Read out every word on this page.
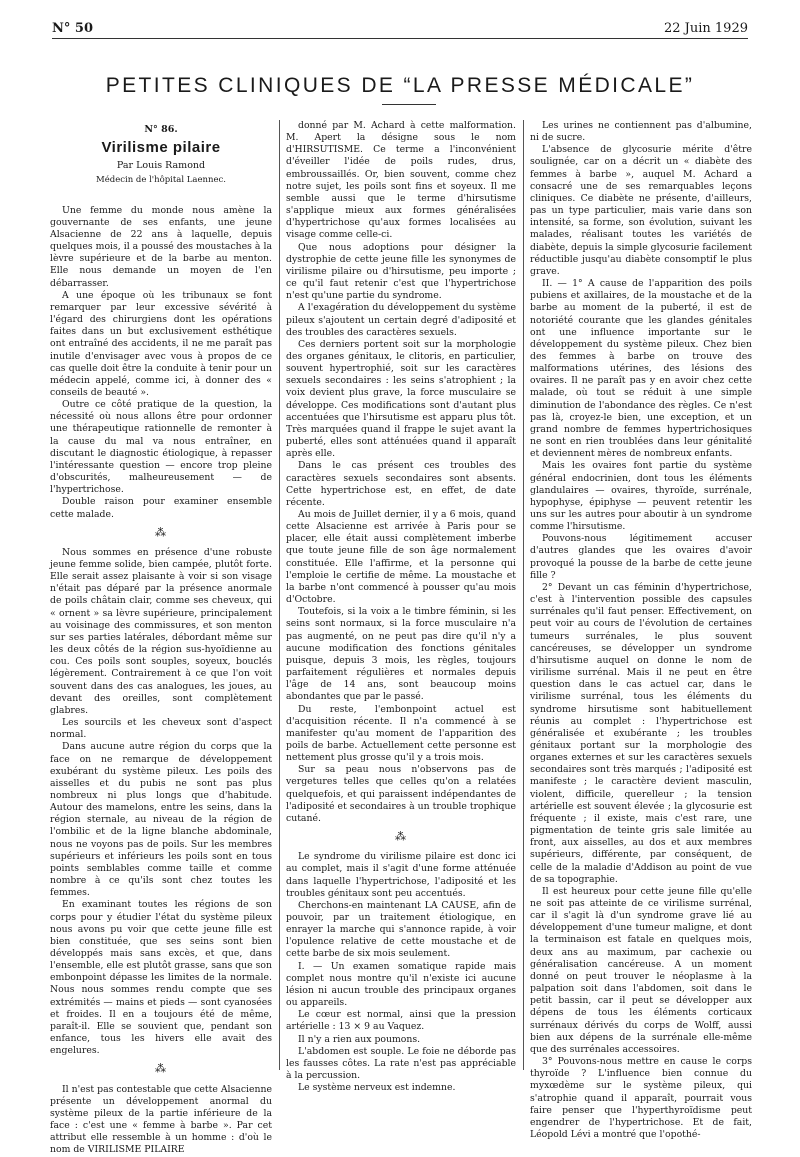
N° 50	22 Juin 1929
PETITES CLINIQUES DE “LA PRESSE MÉDICALE”
N° 86.
Virilisme pilaire
Par Louis Ramond
Médecin de l'hôpital Laennec.

Une femme du monde nous amène la gouvernante de ses enfants, une jeune Alsacienne de 22 ans à laquelle, depuis quelques mois, il a poussé des moustaches à la lèvre supérieure et de la barbe au menton. Elle nous demande un moyen de l'en débarrasser.

A une époque où les tribunaux se font remarquer par leur excessive sévérité à l'égard des chirurgiens dont les opérations faites dans un but exclusivement esthétique ont entraîné des accidents, il ne me paraît pas inutile d'envisager avec vous à propos de ce cas quelle doit être la conduite à tenir pour un médecin appelé, comme ici, à donner des « conseils de beauté ».

Outre ce côté pratique de la question, la nécessité où nous allons être pour ordonner une thérapeutique rationnelle de remonter à la cause du mal va nous entraîner, en discutant le diagnostic étiologique, à repasser l'intéressante question — encore trop pleine d'obscurités, malheureusement — de l'hypertrichose.

Double raison pour examiner ensemble cette malade.

⁂

Nous sommes en présence d'une robuste jeune femme solide, bien campée, plutôt forte. Elle serait assez plaisante à voir si son visage n'était pas déparé par la présence anormale de poils châtain clair, comme ses cheveux, qui « ornent » sa lèvre supérieure, principalement au voisinage des commissures, et son menton sur ses parties latérales, débordant même sur les deux côtés de la région sus-hyoïdienne au cou. Ces poils sont souples, soyeux, bouclés légèrement. Contrairement à ce que l'on voit souvent dans des cas analogues, les joues, au devant des oreilles, sont complètement glabres.

Les sourcils et les cheveux sont d'aspect normal.

Dans aucune autre région du corps que la face on ne remarque de développement exubérant du système pileux. Les poils des aisselles et du pubis ne sont pas plus nombreux ni plus longs que d'habitude. Autour des mamelons, entre les seins, dans la région sternale, au niveau de la région de l'ombilic et de la ligne blanche abdominale, nous ne voyons pas de poils. Sur les membres supérieurs et inférieurs les poils sont en tous points semblables comme taille et comme nombre à ce qu'ils sont chez toutes les femmes.

En examinant toutes les régions de son corps pour y étudier l'état du système pileux nous avons pu voir que cette jeune fille est bien constituée, que ses seins sont bien développés mais sans excès, et que, dans l'ensemble, elle est plutôt grasse, sans que son embonpoint dépasse les limites de la normale. Nous nous sommes rendu compte que ses extrémités — mains et pieds — sont cyanosées et froides. Il en a toujours été de même, paraît-il. Elle se souvient que, pendant son enfance, tous les hivers elle avait des engelures.

⁂

Il n'est pas contestable que cette Alsacienne présente un développement anormal du système pileux de la partie inférieure de la face : c'est une « femme à barbe ». Par cet attribut elle ressemble à un homme : d'où le nom de VIRILISME PILAIRE

donné par M. Achard à cette malformation. M. Apert la désigne sous le nom d'HIRSUTISME. Ce terme a l'inconvénient d'éveiller l'idée de poils rudes, drus, embroussaillés. Or, bien souvent, comme chez notre sujet, les poils sont fins et soyeux. Il me semble aussi que le terme d'hirsutisme s'applique mieux aux formes généralisées d'hypertrichose qu'aux formes localisées au visage comme celle-ci.

Que nous adoptions pour désigner la dystrophie de cette jeune fille les synonymes de virilisme pilaire ou d'hirsutisme, peu importe ; ce qu'il faut retenir c'est que l'hypertrichose n'est qu'une partie du syndrome.

A l'exagération du développement du système pileux s'ajoutent un certain degré d'adiposité et des troubles des caractères sexuels.

Ces derniers portent soit sur la morphologie des organes génitaux, le clitoris, en particulier, souvent hypertrophié, soit sur les caractères sexuels secondaires : les seins s'atrophient ; la voix devient plus grave, la force musculaire se développe. Ces modifications sont d'autant plus accentuées que l'hirsutisme est apparu plus tôt. Très marquées quand il frappe le sujet avant la puberté, elles sont atténuées quand il apparaît après elle.

Dans le cas présent ces troubles des caractères sexuels secondaires sont absents. Cette hypertrichose est, en effet, de date récente.

Au mois de Juillet dernier, il y a 6 mois, quand cette Alsacienne est arrivée à Paris pour se placer, elle était aussi complètement imberbe que toute jeune fille de son âge normalement constituée. Elle l'affirme, et la personne qui l'emploie le certifie de même. La moustache et la barbe n'ont commencé à pousser qu'au mois d'Octobre.

Toutefois, si la voix a le timbre féminin, si les seins sont normaux, si la force musculaire n'a pas augmenté, on ne peut pas dire qu'il n'y a aucune modification des fonctions génitales puisque, depuis 3 mois, les règles, toujours parfaitement régulières et normales depuis l'âge de 14 ans, sont beaucoup moins abondantes que par le passé.

Du reste, l'embonpoint actuel est d'acquisition récente. Il n'a commencé à se manifester qu'au moment de l'apparition des poils de barbe. Actuellement cette personne est nettement plus grosse qu'il y a trois mois.

Sur sa peau nous n'observons pas de vergetures telles que celles qu'on a relatées quelquefois, et qui paraissent indépendantes de l'adiposité et secondaires à un trouble trophique cutané.

⁂

Le syndrome du virilisme pilaire est donc ici au complet, mais il s'agit d'une forme atténuée dans laquelle l'hypertrichose, l'adiposité et les troubles génitaux sont peu accentués.

Cherchons-en maintenant LA CAUSE, afin de pouvoir, par un traitement étiologique, en enrayer la marche qui s'annonce rapide, à voir l'opulence relative de cette moustache et de cette barbe de six mois seulement.

I. — Un examen somatique rapide mais complet nous montre qu'il n'existe ici aucune lésion ni aucun trouble des principaux organes ou appareils.

Le cœur est normal, ainsi que la pression artérielle : 13 × 9 au Vaquez.

Il n'y a rien aux poumons.

L'abdomen est souple. Le foie ne déborde pas les fausses côtes. La rate n'est pas appréciable à la percussion.

Le système nerveux est indemne.

Les urines ne contiennent pas d'albumine, ni de sucre.

L'absence de glycosurie mérite d'être soulignée, car on a décrit un « diabète des femmes à barbe », auquel M. Achard a consacré une de ses remarquables leçons cliniques. Ce diabète ne présente, d'ailleurs, pas un type particulier, mais varie dans son intensité, sa forme, son évolution, suivant les malades, réalisant toutes les variétés de diabète, depuis la simple glycosurie facilement réductible jusqu'au diabète consomptif le plus grave.

II. — 1° A cause de l'apparition des poils pubiens et axillaires, de la moustache et de la barbe au moment de la puberté, il est de notoriété courante que les glandes génitales ont une influence importante sur le développement du système pileux. Chez bien des femmes à barbe on trouve des malformations utérines, des lésions des ovaires. Il ne paraît pas y en avoir chez cette malade, où tout se réduit à une simple diminution de l'abondance des règles. Ce n'est pas là, croyez-le bien, une exception, et un grand nombre de femmes hypertrichosiques ne sont en rien troublées dans leur génitalité et deviennent mères de nombreux enfants.

Mais les ovaires font partie du système général endocrinien, dont tous les éléments glandulaires — ovaires, thyroïde, surrénale, hypophyse, épiphyse — peuvent retentir les uns sur les autres pour aboutir à un syndrome comme l'hirsutisme.

Pouvons-nous légitimement accuser d'autres glandes que les ovaires d'avoir provoqué la pousse de la barbe de cette jeune fille ?

2° Devant un cas féminin d'hypertrichose, c'est à l'intervention possible des capsules surrénales qu'il faut penser. Effectivement, on peut voir au cours de l'évolution de certaines tumeurs surrénales, le plus souvent cancéreuses, se développer un syndrome d'hirsutisme auquel on donne le nom de virilisme surrénal. Mais il ne peut en être question dans le cas actuel car, dans le virilisme surrénal, tous les éléments du syndrome hirsutisme sont habituellement réunis au complet : l'hypertrichose est généralisée et exubérante ; les troubles génitaux portant sur la morphologie des organes externes et sur les caractères sexuels secondaires sont très marqués ; l'adiposité est manifeste ; le caractère devient masculin, violent, difficile, querelleur ; la tension artérielle est souvent élevée ; la glycosurie est fréquente ; il existe, mais c'est rare, une pigmentation de teinte gris sale limitée au front, aux aisselles, au dos et aux membres supérieurs, différente, par conséquent, de celle de la maladie d'Addison au point de vue de sa topographie.

Il est heureux pour cette jeune fille qu'elle ne soit pas atteinte de ce virilisme surrénal, car il s'agit là d'un syndrome grave lié au développement d'une tumeur maligne, et dont la terminaison est fatale en quelques mois, deux ans au maximum, par cachexie ou généralisation cancéreuse. A un moment donné on peut trouver le néoplasme à la palpation soit dans l'abdomen, soit dans le petit bassin, car il peut se développer aux dépens de tous les éléments corticaux surrénaux dérivés du corps de Wolff, aussi bien aux dépens de la surrénale elle-même que des surrénales accessoires.

3° Pouvons-nous mettre en cause le corps thyroïde ? L'influence bien connue du myxœdème sur le système pileux, qui s'atrophie quand il apparaît, pourrait vous faire penser que l'hyperthyroïdisme peut engendrer de l'hypertrichose. Et de fait, Léopold Lévi a montré que l'opothé-
